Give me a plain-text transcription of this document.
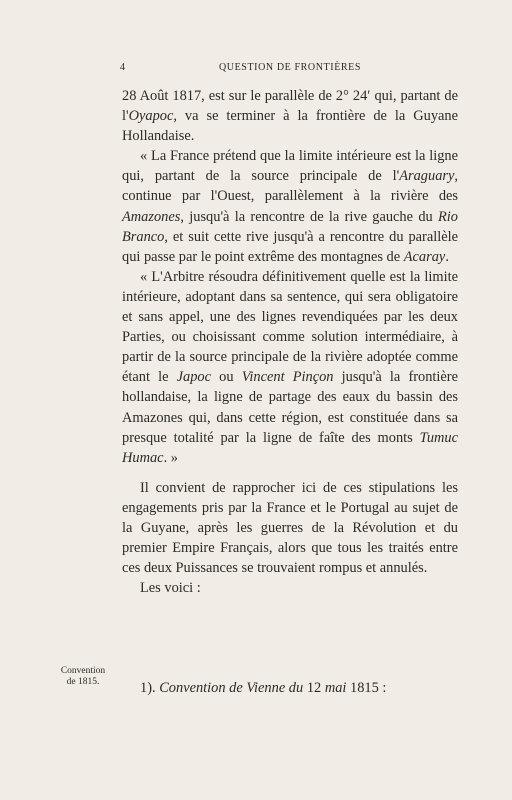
4	QUESTION DE FRONTIÈRES

28 Août 1817, est sur le parallèle de 2° 24′ qui, partant de l'Oyapoc, va se terminer à la frontière de la Guyane Hollandaise.

« La France prétend que la limite intérieure est la ligne qui, partant de la source principale de l'Araguary, continue par l'Ouest, parallèlement à la rivière des Amazones, jusqu'à la rencontre de la rive gauche du Rio Branco, et suit cette rive jusqu'à a rencontre du parallèle qui passe par le point extrême des montagnes de Acaray.

« L'Arbitre résoudra définitivement quelle est la limite intérieure, adoptant dans sa sentence, qui sera obligatoire et sans appel, une des lignes revendiquées par les deux Parties, ou choisissant comme solution intermédiaire, à partir de la source principale de la rivière adoptée comme étant le Japoc ou Vincent Pinçon jusqu'à la frontière hollandaise, la ligne de partage des eaux du bassin des Amazones qui, dans cette région, est constituée dans sa presque totalité par la ligne de faîte des monts Tumuc Humac. »

Il convient de rapprocher ici de ces stipulations les engagements pris par la France et le Portugal au sujet de la Guyane, après les guerres de la Révolution et du premier Empire Français, alors que tous les traités entre ces deux Puissances se trouvaient rompus et annulés.

Les voici :

Convention
de 1815.	1). Convention de Vienne du 12 mai 1815 :
